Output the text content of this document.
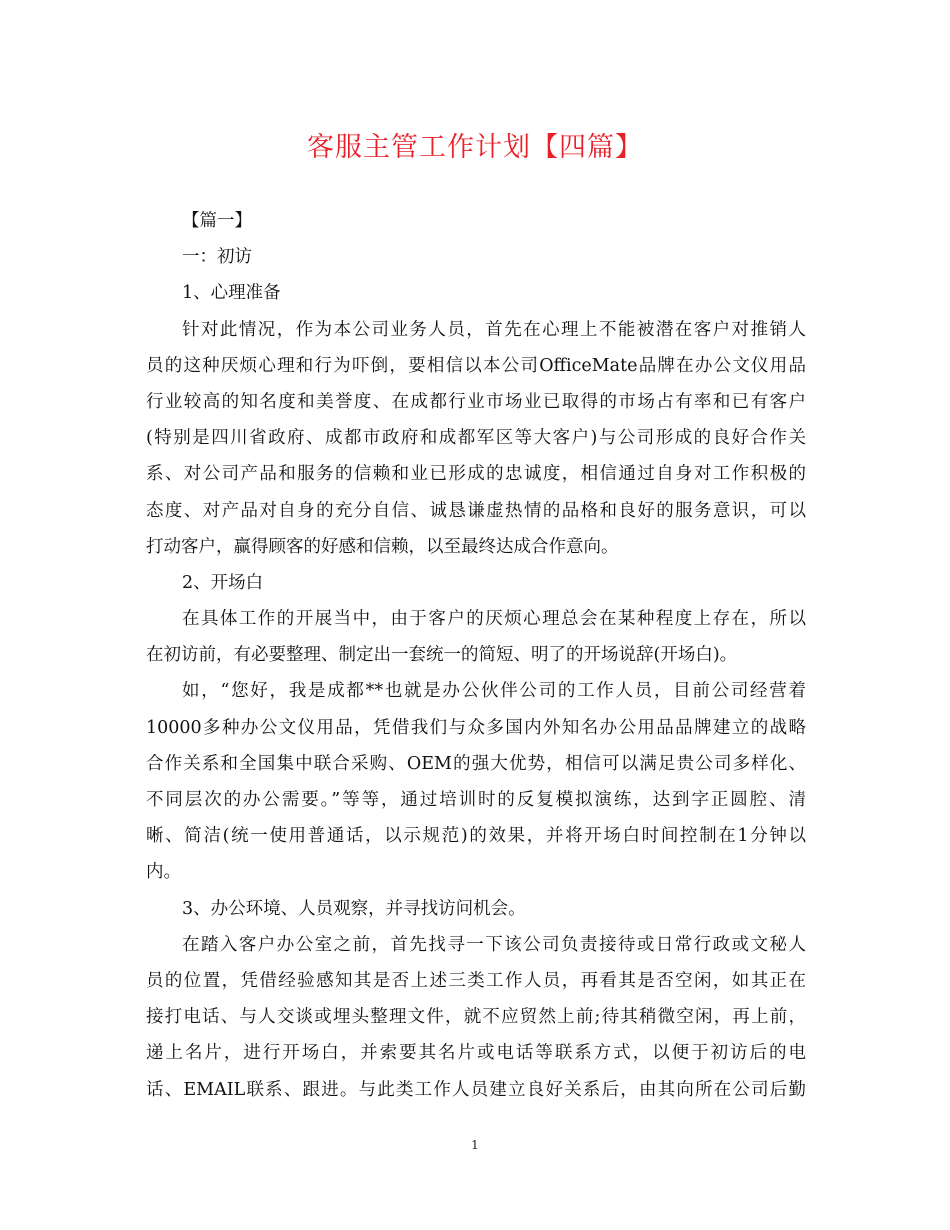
客服主管工作计划【四篇】
【篇一】
一：初访
1、心理准备
针对此情况，作为本公司业务人员，首先在心理上不能被潜在客户对推销人
员的这种厌烦心理和行为吓倒，要相信以本公司OfficeMate品牌在办公文仪用品
行业较高的知名度和美誉度、在成都行业市场业已取得的市场占有率和已有客户
(特别是四川省政府、成都市政府和成都军区等大客户)与公司形成的良好合作关
系、对公司产品和服务的信赖和业已形成的忠诚度，相信通过自身对工作积极的
态度、对产品对自身的充分自信、诚恳谦虚热情的品格和良好的服务意识，可以
打动客户，赢得顾客的好感和信赖，以至最终达成合作意向。
2、开场白
在具体工作的开展当中，由于客户的厌烦心理总会在某种程度上存在，所以
在初访前，有必要整理、制定出一套统一的简短、明了的开场说辞(开场白)。
如，“您好，我是成都**也就是办公伙伴公司的工作人员，目前公司经营着
10000多种办公文仪用品，凭借我们与众多国内外知名办公用品品牌建立的战略
合作关系和全国集中联合采购、OEM的强大优势，相信可以满足贵公司多样化、
不同层次的办公需要。”等等，通过培训时的反复模拟演练，达到字正圆腔、清
晰、简洁(统一使用普通话，以示规范)的效果，并将开场白时间控制在1分钟以
内。
3、办公环境、人员观察，并寻找访问机会。
在踏入客户办公室之前，首先找寻一下该公司负责接待或日常行政或文秘人
员的位置，凭借经验感知其是否上述三类工作人员，再看其是否空闲，如其正在
接打电话、与人交谈或埋头整理文件，就不应贸然上前;待其稍微空闲，再上前，
递上名片，进行开场白，并索要其名片或电话等联系方式，以便于初访后的电
话、EMAIL联系、跟进。与此类工作人员建立良好关系后，由其向所在公司后勤
1
